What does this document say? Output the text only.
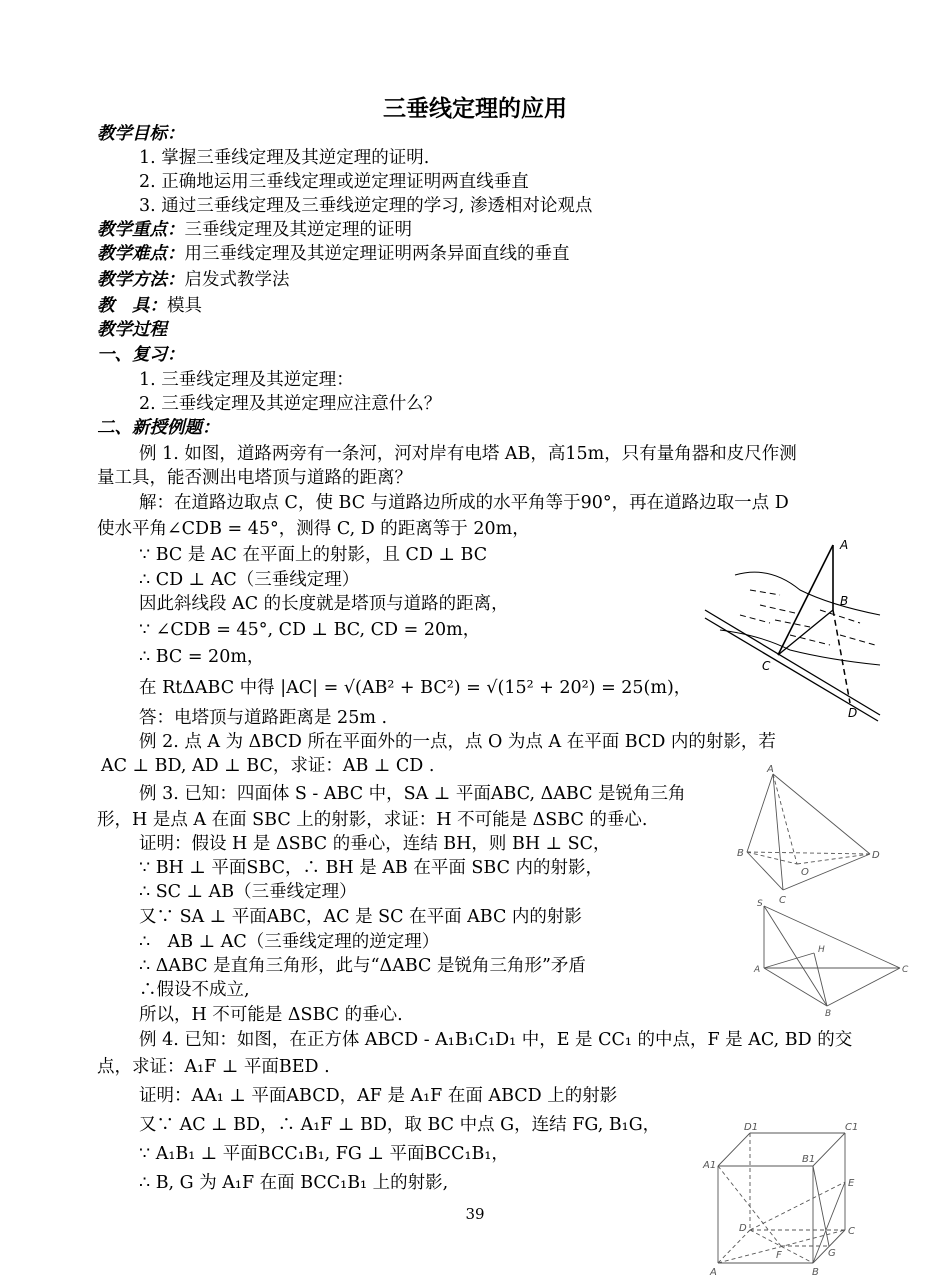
三垂线定理的应用
教学目标：
1. 掌握三垂线定理及其逆定理的证明.
2. 正确地运用三垂线定理或逆定理证明两直线垂直
3. 通过三垂线定理及三垂线逆定理的学习, 渗透相对论观点
教学重点：三垂线定理及其逆定理的证明
教学难点：用三垂线定理及其逆定理证明两条异面直线的垂直
教学方法：启发式教学法
教　具：模具
教学过程
一、复习：
1. 三垂线定理及其逆定理：
2. 三垂线定理及其逆定理应注意什么？
二、新授例题：
例 1. 如图，道路两旁有一条河，河对岸有电塔 AB，高15m，只有量角器和皮尺作测
量工具，能否测出电塔顶与道路的距离？
解：在道路边取点 C，使 BC 与道路边所成的水平角等于90°，再在道路边取一点 D
使水平角∠CDB = 45°，测得 C, D 的距离等于 20m，
∵ BC 是 AC 在平面上的射影，且 CD ⊥ BC
∴ CD ⊥ AC（三垂线定理）
因此斜线段 AC 的长度就是塔顶与道路的距离，
∵ ∠CDB = 45°, CD ⊥ BC, CD = 20m，
∴ BC = 20m，
在 RtΔABC 中得 |AC| = √(AB² + BC²) = √(15² + 20²) = 25(m)，
答：电塔顶与道路距离是 25m .
例 2. 点 A 为 ΔBCD 所在平面外的一点，点 O 为点 A 在平面 BCD 内的射影，若
AC ⊥ BD, AD ⊥ BC，求证：AB ⊥ CD .
例 3. 已知：四面体 S - ABC 中，SA ⊥ 平面ABC, ΔABC 是锐角三角
形，H 是点 A 在面 SBC 上的射影，求证：H 不可能是 ΔSBC 的垂心.
证明：假设 H 是 ΔSBC 的垂心，连结 BH，则 BH ⊥ SC，
∵ BH ⊥ 平面SBC，∴ BH 是 AB 在平面 SBC 内的射影，
∴ SC ⊥ AB（三垂线定理）
又∵ SA ⊥ 平面ABC，AC 是 SC 在平面 ABC 内的射影
∴　AB ⊥ AC（三垂线定理的逆定理）
∴ ΔABC 是直角三角形，此与“ΔABC 是锐角三角形”矛盾
∴假设不成立,
所以，H 不可能是 ΔSBC 的垂心.
例 4. 已知：如图，在正方体 ABCD - A₁B₁C₁D₁ 中，E 是 CC₁ 的中点，F 是 AC, BD 的交
点，求证：A₁F ⊥ 平面BED .
证明：AA₁ ⊥ 平面ABCD，AF 是 A₁F 在面 ABCD 上的射影
又∵ AC ⊥ BD，∴ A₁F ⊥ BD，取 BC 中点 G，连结 FG, B₁G，
∵ A₁B₁ ⊥ 平面BCC₁B₁, FG ⊥ 平面BCC₁B₁，
∴ B, G 为 A₁F 在面 BCC₁B₁ 上的射影,
A
B
C
D
A
B	D
C
O
S
H
A	C
B
D1	C1
A1
B1
E
D	C
F	G
A	B
39
